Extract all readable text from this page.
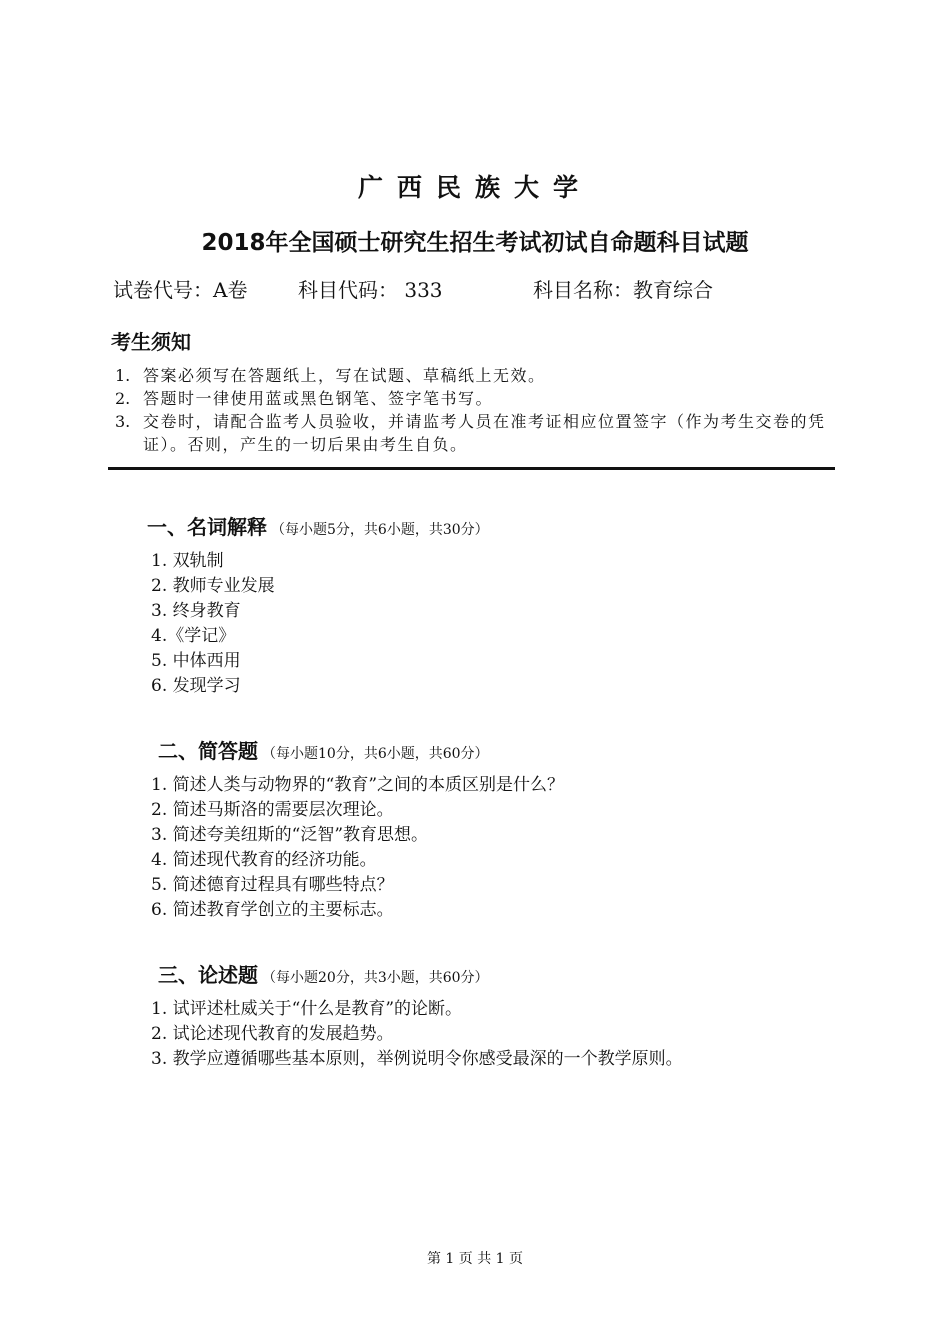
广西民族大学
2018年全国硕士研究生招生考试初试自命题科目试题
试卷代号：A卷	科目代码： 333	科目名称：教育综合
考生须知
1. 答案必须写在答题纸上，写在试题、草稿纸上无效。
2. 答题时一律使用蓝或黑色钢笔、签字笔书写。
3. 交卷时，请配合监考人员验收，并请监考人员在准考证相应位置签字（作为考生交卷的凭证）。否则，产生的一切后果由考生自负。
一、名词解释 （每小题5分，共6小题，共30分）
1. 双轨制
2. 教师专业发展
3. 终身教育
4.《学记》
5. 中体西用
6. 发现学习
二、简答题 （每小题10分，共6小题，共60分）
1. 简述人类与动物界的“教育”之间的本质区别是什么？
2. 简述马斯洛的需要层次理论。
3. 简述夸美纽斯的“泛智”教育思想。
4. 简述现代教育的经济功能。
5. 简述德育过程具有哪些特点？
6. 简述教育学创立的主要标志。
三、论述题 （每小题20分，共3小题，共60分）
1. 试评述杜威关于“什么是教育”的论断。
2. 试论述现代教育的发展趋势。
3. 教学应遵循哪些基本原则，举例说明令你感受最深的一个教学原则。
第 1 页 共 1 页
